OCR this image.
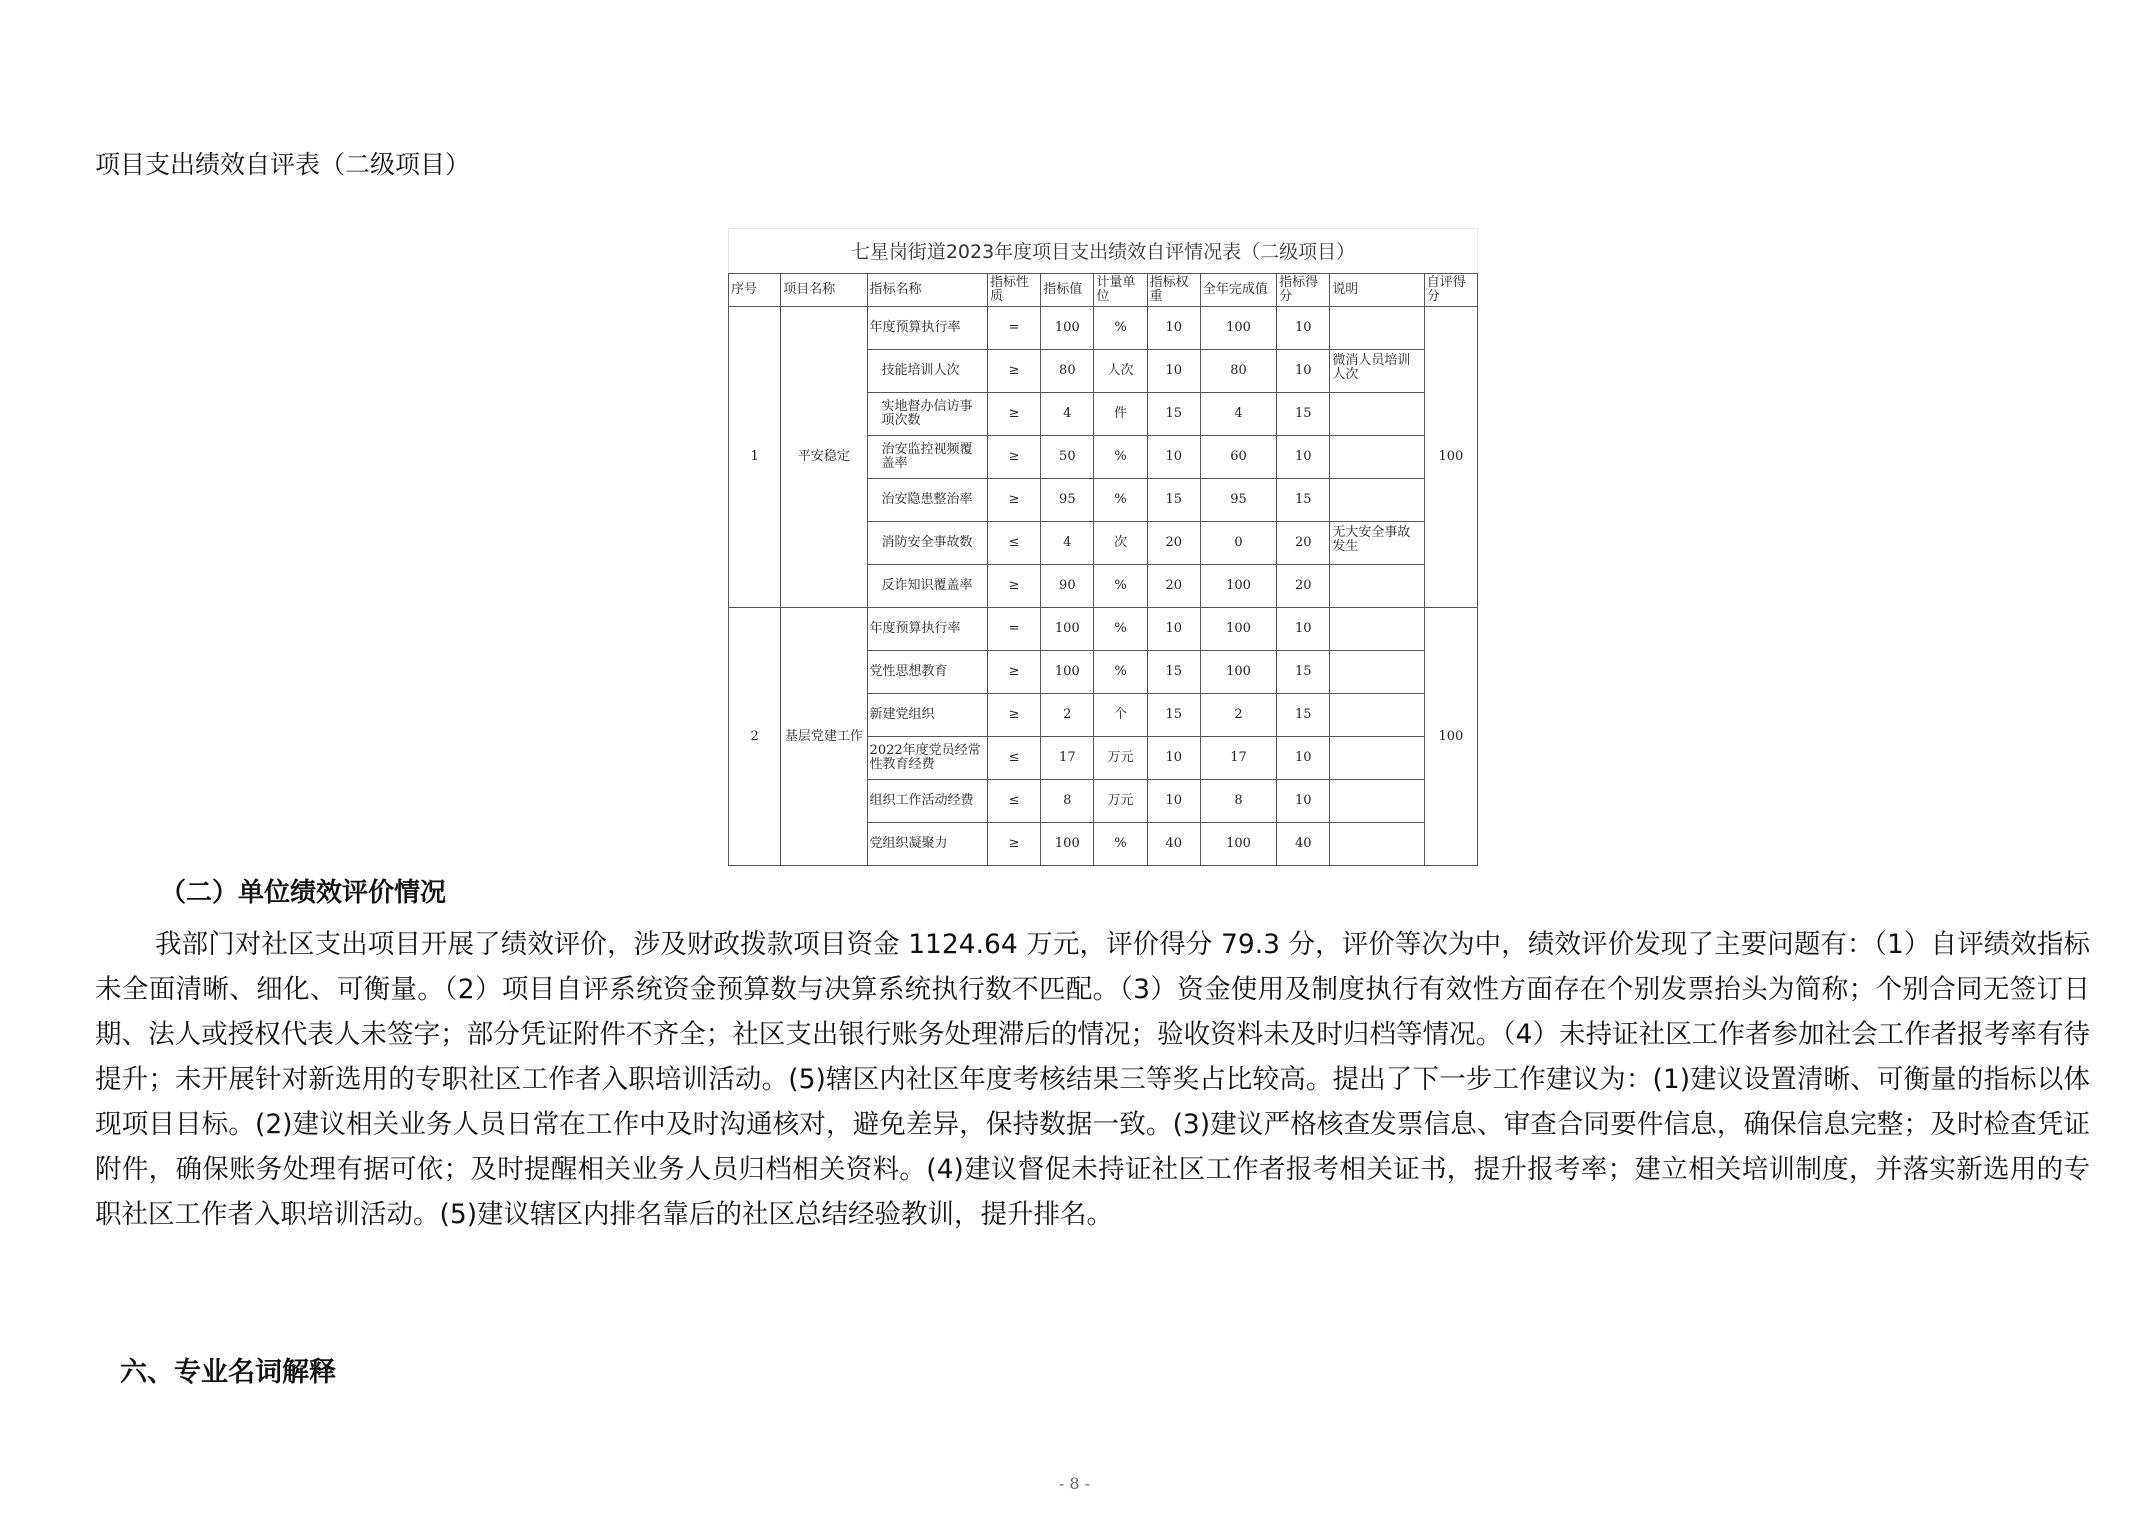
项目支出绩效自评表（二级项目）
七星岗街道2023年度项目支出绩效自评情况表（二级项目）
序号	项目名称	指标名称	指标性质	指标值	计量单位	指标权重	全年完成值	指标得分	说明	自评得分
1	平安稳定	年度预算执行率	=	100	%	10	100	10		100
		技能培训人次	≥	80	人次	10	80	10	微消人员培训人次	
		实地督办信访事项次数	≥	4	件	15	4	15		
		治安监控视频覆盖率	≥	50	%	10	60	10		
		治安隐患整治率	≥	95	%	15	95	15		
		消防安全事故数	≤	4	次	20	0	20	无大安全事故发生	
		反诈知识覆盖率	≥	90	%	20	100	20		
2	基层党建工作	年度预算执行率	=	100	%	10	100	10		100
		党性思想教育	≥	100	%	15	100	15		
		新建党组织	≥	2	个	15	2	15		
		2022年度党员经常性教育经费	≤	17	万元	10	17	10		
		组织工作活动经费	≤	8	万元	10	8	10		
		党组织凝聚力	≥	100	%	40	100	40		
（二）单位绩效评价情况

我部门对社区支出项目开展了绩效评价，涉及财政拨款项目资金 1124.64 万元，评价得分 79.3 分，评价等次为中，绩效评价发现了主要问题有：（1）自评绩效指标未全面清晰、细化、可衡量。（2）项目自评系统资金预算数与决算系统执行数不匹配。（3）资金使用及制度执行有效性方面存在个别发票抬头为简称；个别合同无签订日期、法人或授权代表人未签字；部分凭证附件不齐全；社区支出银行账务处理滞后的情况；验收资料未及时归档等情况。（4）未持证社区工作者参加社会工作者报考率有待提升；未开展针对新选用的专职社区工作者入职培训活动。(5)辖区内社区年度考核结果三等奖占比较高。提出了下一步工作建议为：(1)建议设置清晰、可衡量的指标以体现项目目标。(2)建议相关业务人员日常在工作中及时沟通核对，避免差异，保持数据一致。(3)建议严格核查发票信息、审查合同要件信息，确保信息完整；及时检查凭证附件，确保账务处理有据可依；及时提醒相关业务人员归档相关资料。(4)建议督促未持证社区工作者报考相关证书，提升报考率；建立相关培训制度，并落实新选用的专职社区工作者入职培训活动。(5)建议辖区内排名靠后的社区总结经验教训，提升排名。

六、专业名词解释
- 8 -
